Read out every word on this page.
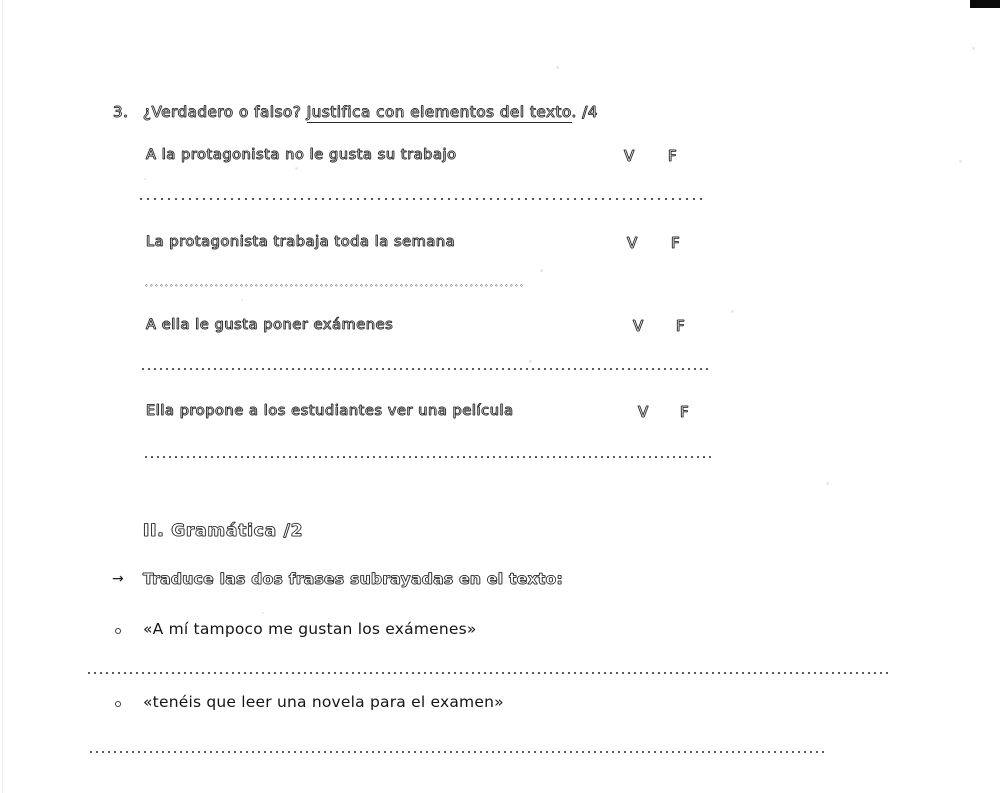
3. ¿Verdadero o falso? Justifica con elementos del texto. /4
A la protagonista no le gusta su trabajo	V F
La protagonista trabaja toda la semana	V F
A ella le gusta poner exámenes	V F
Ella propone a los estudiantes ver una película	V F
II. Gramática /2
→ Traduce las dos frases subrayadas en el texto:
«A mí tampoco me gustan los exámenes»
«tenéis que leer una novela para el examen»
